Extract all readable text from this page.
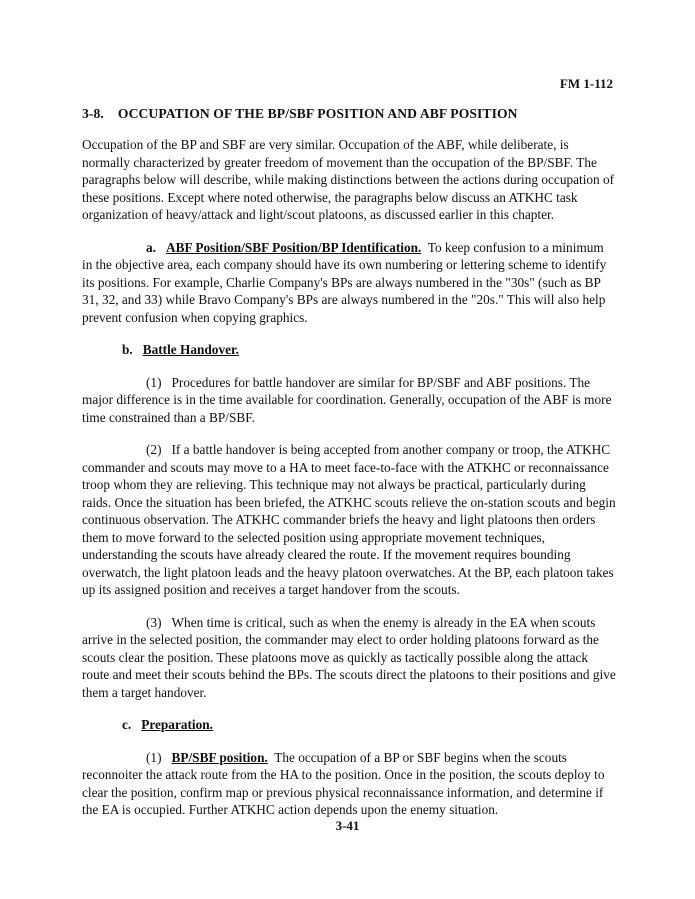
FM 1-112
3-8. OCCUPATION OF THE BP/SBF POSITION AND ABF POSITION

Occupation of the BP and SBF are very similar. Occupation of the ABF, while deliberate, is normally characterized by greater freedom of movement than the occupation of the BP/SBF. The paragraphs below will describe, while making distinctions between the actions during occupation of these positions. Except where noted otherwise, the paragraphs below discuss an ATKHC task organization of heavy/attack and light/scout platoons, as discussed earlier in this chapter.

a. ABF Position/SBF Position/BP Identification. To keep confusion to a minimum in the objective area, each company should have its own numbering or lettering scheme to identify its positions. For example, Charlie Company's BPs are always numbered in the "30s" (such as BP 31, 32, and 33) while Bravo Company's BPs are always numbered in the "20s." This will also help prevent confusion when copying graphics.

b. Battle Handover.

(1) Procedures for battle handover are similar for BP/SBF and ABF positions. The major difference is in the time available for coordination. Generally, occupation of the ABF is more time constrained than a BP/SBF.

(2) If a battle handover is being accepted from another company or troop, the ATKHC commander and scouts may move to a HA to meet face-to-face with the ATKHC or reconnaissance troop whom they are relieving. This technique may not always be practical, particularly during raids. Once the situation has been briefed, the ATKHC scouts relieve the on-station scouts and begin continuous observation. The ATKHC commander briefs the heavy and light platoons then orders them to move forward to the selected position using appropriate movement techniques, understanding the scouts have already cleared the route. If the movement requires bounding overwatch, the light platoon leads and the heavy platoon overwatches. At the BP, each platoon takes up its assigned position and receives a target handover from the scouts.

(3) When time is critical, such as when the enemy is already in the EA when scouts arrive in the selected position, the commander may elect to order holding platoons forward as the scouts clear the position. These platoons move as quickly as tactically possible along the attack route and meet their scouts behind the BPs. The scouts direct the platoons to their positions and give them a target handover.

c. Preparation.

(1) BP/SBF position. The occupation of a BP or SBF begins when the scouts reconnoiter the attack route from the HA to the position. Once in the position, the scouts deploy to clear the position, confirm map or previous physical reconnaissance information, and determine if the EA is occupied. Further ATKHC action depends upon the enemy situation.

3-41
